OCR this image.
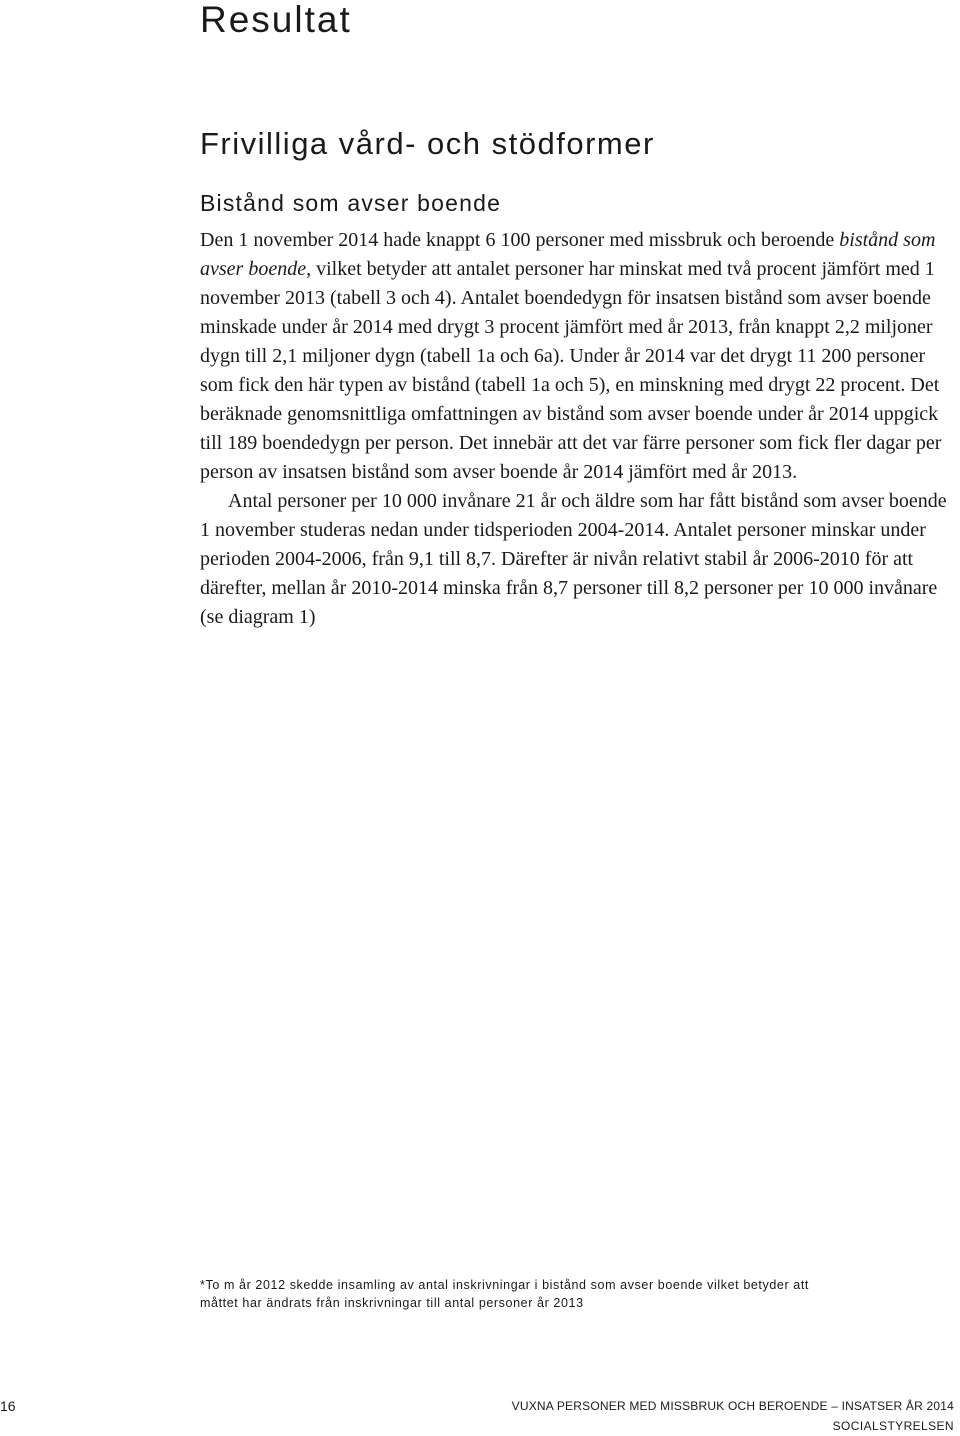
Resultat
Frivilliga vård- och stödformer
Bistånd som avser boende

Den 1 november 2014 hade knappt 6 100 personer med missbruk och beroende bistånd som avser boende, vilket betyder att antalet personer har minskat med två procent jämfört med 1 november 2013 (tabell 3 och 4). Antalet boendedygn för insatsen bistånd som avser boende minskade under år 2014 med drygt 3 procent jämfört med år 2013, från knappt 2,2 miljoner dygn till 2,1 miljoner dygn (tabell 1a och 6a). Under år 2014 var det drygt 11 200 personer som fick den här typen av bistånd (tabell 1a och 5), en minskning med drygt 22 procent. Det beräknade genomsnittliga omfattningen av bistånd som avser boende under år 2014 uppgick till 189 boendedygn per person. Det innebär att det var färre personer som fick fler dagar per person av insatsen bistånd som avser boende år 2014 jämfört med år 2013.

Antal personer per 10 000 invånare 21 år och äldre som har fått bistånd som avser boende 1 november studeras nedan under tidsperioden 2004-2014. Antalet personer minskar under perioden 2004-2006, från 9,1 till 8,7. Därefter är nivån relativt stabil år 2006-2010 för att därefter, mellan år 2010-2014 minska från 8,7 personer till 8,2 personer per 10 000 invånare (se diagram 1)

*To m år 2012 skedde insamling av antal inskrivningar i bistånd som avser boende vilket betyder att
måttet har ändrats från inskrivningar till antal personer år 2013
16	VUXNA PERSONER MED MISSBRUK OCH BEROENDE – INSATSER ÅR 2014
SOCIALSTYRELSEN
